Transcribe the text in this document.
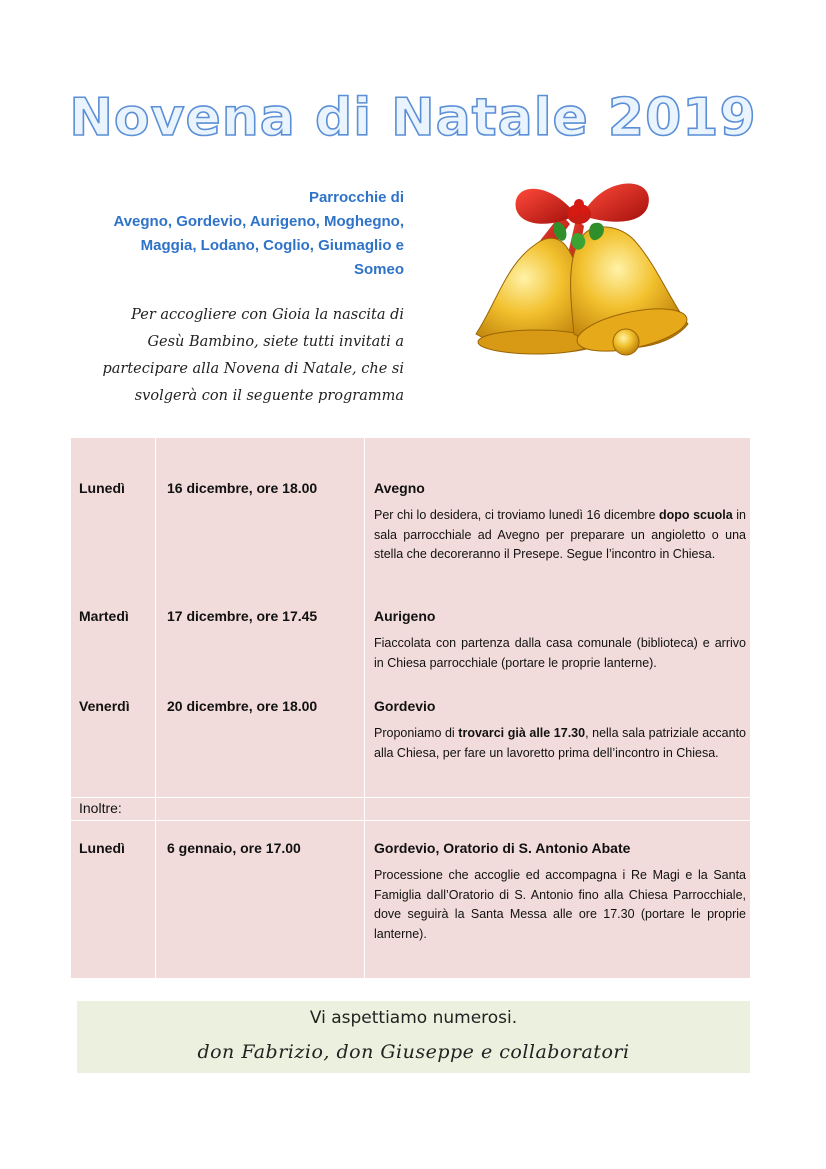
Novena di Natale 2019
Parrocchie di
Avegno, Gordevio, Aurigeno, Moghegno,
Maggia, Lodano, Coglio, Giumaglio e
Someo
Per accogliere con Gioia la nascita di
Gesù Bambino, siete tutti invitati a
partecipare alla Novena di Natale, che si
svolgerà con il seguente programma
Lunedì	16 dicembre, ore 18.00	Avegno
Per chi lo desidera, ci troviamo lunedì 16 dicembre dopo scuola in sala parrocchiale ad Avegno per preparare un angioletto o una stella che decoreranno il Presepe. Segue l’incontro in Chiesa.
Martedì	17 dicembre, ore 17.45	Aurigeno
Fiaccolata con partenza dalla casa comunale (biblioteca) e arrivo in Chiesa parrocchiale (portare le proprie lanterne).
Venerdì	20 dicembre, ore 18.00	Gordevio
Proponiamo di trovarci già alle 17.30, nella sala patriziale accanto alla Chiesa, per fare un lavoretto prima dell’incontro in Chiesa.
Inoltre:
Lunedì	6 gennaio, ore 17.00	Gordevio, Oratorio di S. Antonio Abate
Processione che accoglie ed accompagna i Re Magi e la Santa Famiglia dall’Oratorio di S. Antonio fino alla Chiesa Parrocchiale, dove seguirà la Santa Messa alle ore 17.30 (portare le proprie lanterne).
Vi aspettiamo numerosi.
don Fabrizio, don Giuseppe e collaboratori
